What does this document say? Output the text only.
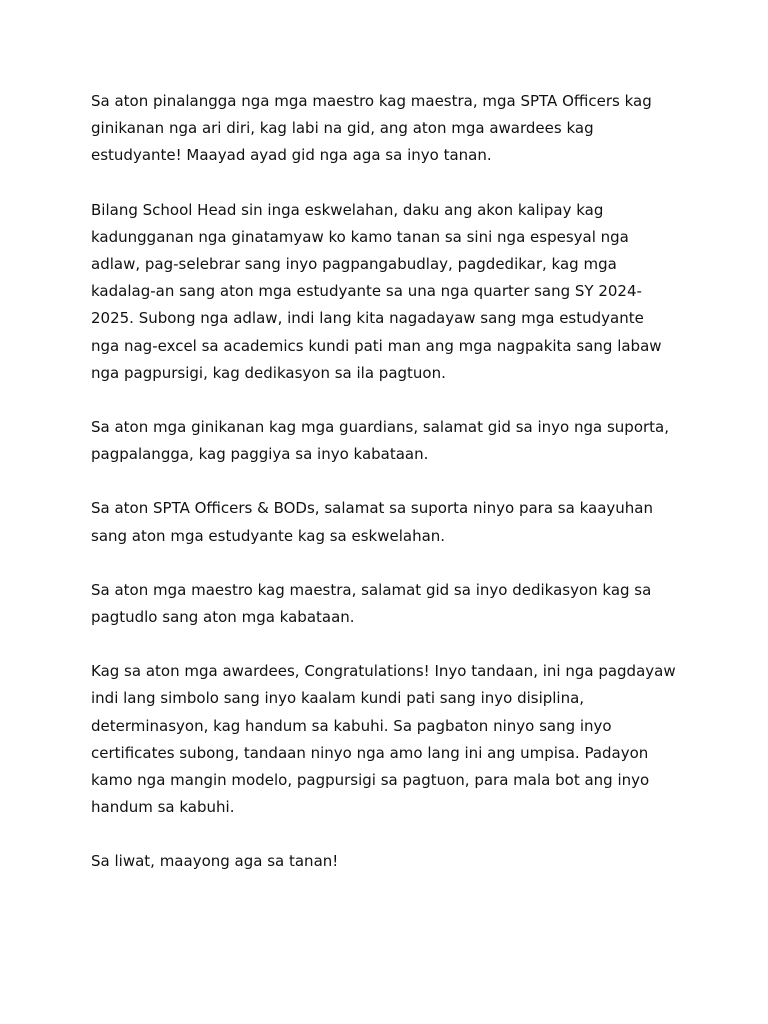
Sa aton pinalangga nga mga maestro kag maestra, mga SPTA Officers kag
ginikanan nga ari diri, kag labi na gid, ang aton mga awardees kag
estudyante! Maayad ayad gid nga aga sa inyo tanan.

Bilang School Head sin inga eskwelahan, daku ang akon kalipay kag
kadungganan nga ginatamyaw ko kamo tanan sa sini nga espesyal nga
adlaw, pag-selebrar sang inyo pagpangabudlay, pagdedikar, kag mga
kadalag-an sang aton mga estudyante sa una nga quarter sang SY 2024-
2025. Subong nga adlaw, indi lang kita nagadayaw sang mga estudyante
nga nag-excel sa academics kundi pati man ang mga nagpakita sang labaw
nga pagpursigi, kag dedikasyon sa ila pagtuon.

Sa aton mga ginikanan kag mga guardians, salamat gid sa inyo nga suporta,
pagpalangga, kag paggiya sa inyo kabataan.

Sa aton SPTA Officers & BODs, salamat sa suporta ninyo para sa kaayuhan
sang aton mga estudyante kag sa eskwelahan.

Sa aton mga maestro kag maestra, salamat gid sa inyo dedikasyon kag sa
pagtudlo sang aton mga kabataan.

Kag sa aton mga awardees, Congratulations! Inyo tandaan, ini nga pagdayaw
indi lang simbolo sang inyo kaalam kundi pati sang inyo disiplina,
determinasyon, kag handum sa kabuhi. Sa pagbaton ninyo sang inyo
certificates subong, tandaan ninyo nga amo lang ini ang umpisa. Padayon
kamo nga mangin modelo, pagpursigi sa pagtuon, para mala bot ang inyo
handum sa kabuhi.

Sa liwat, maayong aga sa tanan!
